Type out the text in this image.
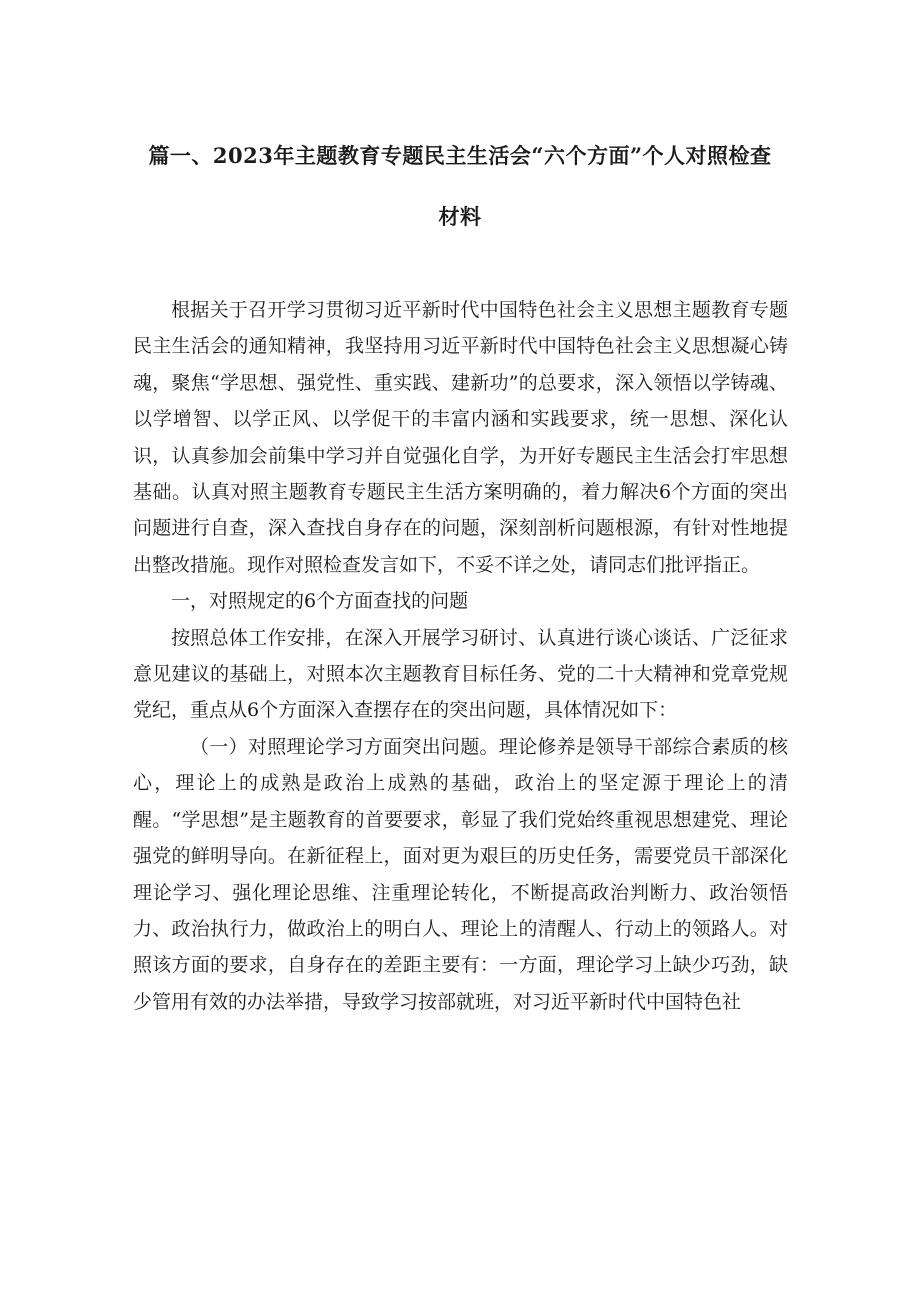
篇一、2023年主题教育专题民主生活会“六个方面”个人对照检查
材料

根据关于召开学习贯彻习近平新时代中国特色社会主义思想主题教育专题民主生活会的通知精神，我坚持用习近平新时代中国特色社会主义思想凝心铸魂，聚焦“学思想、强党性、重实践、建新功”的总要求，深入领悟以学铸魂、以学增智、以学正风、以学促干的丰富内涵和实践要求，统一思想、深化认识，认真参加会前集中学习并自觉强化自学，为开好专题民主生活会打牢思想基础。认真对照主题教育专题民主生活方案明确的，着力解决6个方面的突出问题进行自查，深入查找自身存在的问题，深刻剖析问题根源，有针对性地提出整改措施。现作对照检查发言如下，不妥不详之处，请同志们批评指正。

一，对照规定的6个方面查找的问题

按照总体工作安排，在深入开展学习研讨、认真进行谈心谈话、广泛征求意见建议的基础上，对照本次主题教育目标任务、党的二十大精神和党章党规党纪，重点从6个方面深入查摆存在的突出问题，具体情况如下：

（一）对照理论学习方面突出问题。理论修养是领导干部综合素质的核心，理论上的成熟是政治上成熟的基础，政治上的坚定源于理论上的清醒。“学思想”是主题教育的首要要求，彰显了我们党始终重视思想建党、理论强党的鲜明导向。在新征程上，面对更为艰巨的历史任务，需要党员干部深化理论学习、强化理论思维、注重理论转化，不断提高政治判断力、政治领悟力、政治执行力，做政治上的明白人、理论上的清醒人、行动上的领路人。对照该方面的要求，自身存在的差距主要有：一方面，理论学习上缺少巧劲，缺少管用有效的办法举措，导致学习按部就班，对习近平新时代中国特色社
